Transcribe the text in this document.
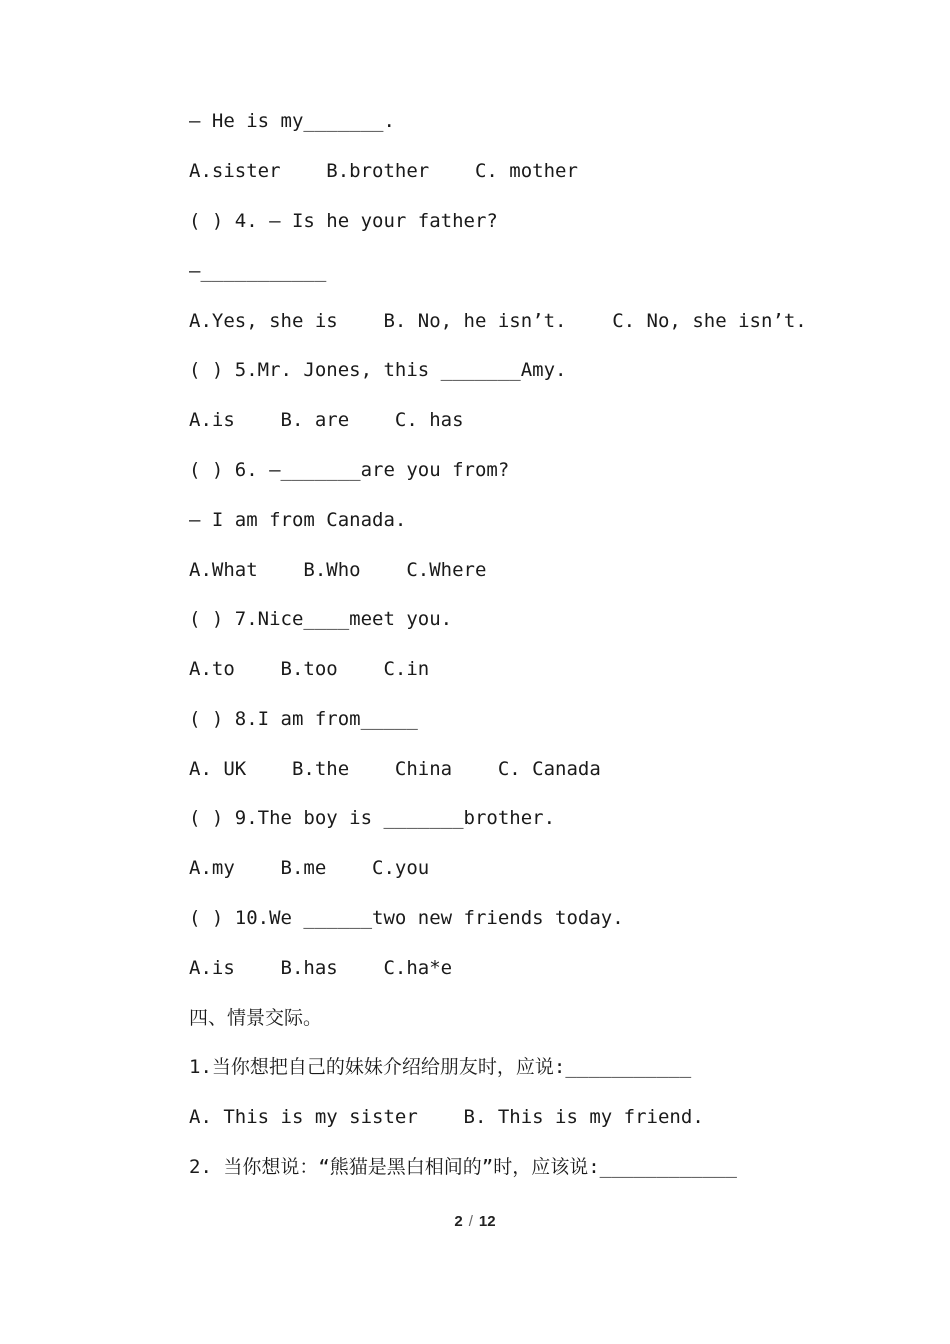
— He is my_______.
A.sister    B.brother    C. mother
( ) 4. — Is he your father?
—___________
A.Yes, she is    B. No, he isn’t.    C. No, she isn’t.
( ) 5.Mr. Jones, this _______Amy.
A.is    B. are    C. has
( ) 6. —_______are you from?
— I am from Canada.
A.What    B.Who    C.Where
( ) 7.Nice____meet you.
A.to    B.too    C.in
( ) 8.I am from_____
A. UK    B.the    China    C. Canada
( ) 9.The boy is _______brother.
A.my    B.me    C.you
( ) 10.We ______two new friends today.
A.is    B.has    C.ha*e
四、情景交际。
1.当你想把自己的妹妹介绍给朋友时，应说:___________
A. This is my sister    B. This is my friend.
2. 当你想说：“熊猫是黑白相间的”时，应该说:____________
2 / 12
